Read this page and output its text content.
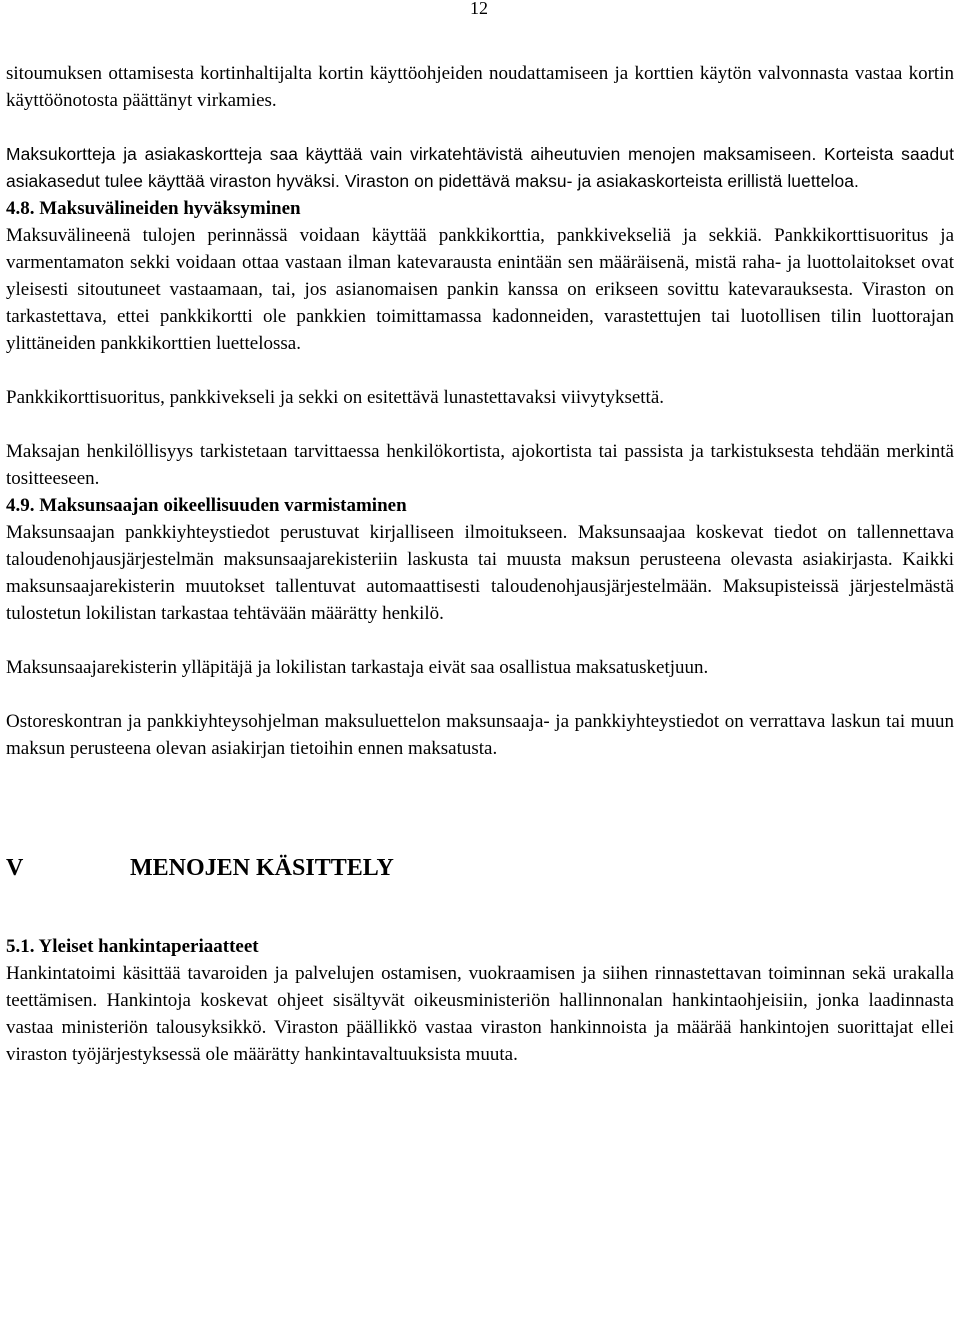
12

sitoumuksen ottamisesta kortinhaltijalta kortin käyttöohjeiden noudattamiseen ja korttien käytön valvonnasta vastaa kortin käyttöönotosta päättänyt virkamies.

Maksukortteja ja asiakaskortteja saa käyttää vain virkatehtävistä aiheutuvien menojen maksamiseen. Korteista saadut asiakasedut tulee käyttää viraston hyväksi. Viraston on pidettävä maksu- ja asiakaskorteista erillistä luetteloa.

4.8. Maksuvälineiden hyväksyminen

Maksuvälineenä tulojen perinnässä voidaan käyttää pankkikorttia, pankkivekseliä ja sekkiä. Pankkikorttisuoritus ja varmentamaton sekki voidaan ottaa vastaan ilman katevarausta enintään sen määräisenä, mistä raha- ja luottolaitokset ovat yleisesti sitoutuneet vastaamaan, tai, jos asianomaisen pankin kanssa on erikseen sovittu katevarauksesta. Viraston on tarkastettava, ettei pankkikortti ole pankkien toimittamassa kadonneiden, varastettujen tai luotollisen tilin luottorajan ylittäneiden pankkikorttien luettelossa.

Pankkikorttisuoritus, pankkivekseli ja sekki on esitettävä lunastettavaksi viivytyksettä.

Maksajan henkilöllisyys tarkistetaan tarvittaessa henkilökortista, ajokortista tai passista ja tarkistuksesta tehdään merkintä tositteeseen.

4.9. Maksunsaajan oikeellisuuden varmistaminen

Maksunsaajan pankkiyhteystiedot perustuvat kirjalliseen ilmoitukseen. Maksunsaajaa koskevat tiedot on tallennettava taloudenohjausjärjestelmän maksunsaajarekisteriin laskusta tai muusta maksun perusteena olevasta asiakirjasta. Kaikki maksunsaajarekisterin muutokset tallentuvat automaattisesti taloudenohjausjärjestelmään. Maksupisteissä järjestelmästä tulostetun lokilistan tarkastaa tehtävään määrätty henkilö.

Maksunsaajarekisterin ylläpitäjä ja lokilistan tarkastaja eivät saa osallistua maksatusketjuun.

Ostoreskontran ja pankkiyhteysohjelman maksuluettelon maksunsaaja- ja pankkiyhteystiedot on verrattava laskun tai muun maksun perusteena olevan asiakirjan tietoihin ennen maksatusta.

V	MENOJEN KÄSITTELY
5.1. Yleiset hankintaperiaatteet

Hankintatoimi käsittää tavaroiden ja palvelujen ostamisen, vuokraamisen ja siihen rinnastettavan toiminnan sekä urakalla teettämisen. Hankintoja koskevat ohjeet sisältyvät oikeusministeriön hallinnonalan hankintaohjeisiin, jonka laadinnasta vastaa ministeriön talousyksikkö. Viraston päällikkö vastaa viraston hankinnoista ja määrää hankintojen suorittajat ellei viraston työjärjestyksessä ole määrätty hankintavaltuuksista muuta.
